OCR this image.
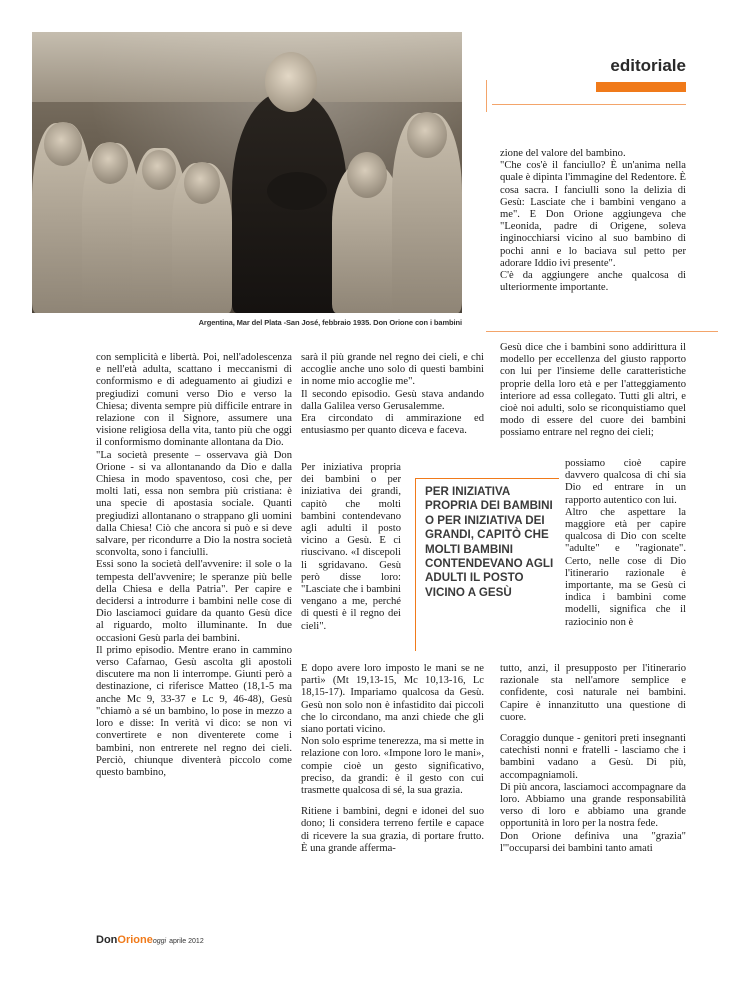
editoriale
Argentina, Mar del Plata -San José, febbraio 1935. Don Orione con i bambini

con semplicità e libertà. Poi, nell'adolescenza e nell'età adulta, scattano i meccanismi di conformismo e di adeguamento ai giudizi e pregiudizi comuni verso Dio e verso la Chiesa; diventa sempre più difficile entrare in relazione con il Signore, assumere una visione religiosa della vita, tanto più che oggi il conformismo dominante allontana da Dio.

"La società presente – osservava già Don Orione - si va allontanando da Dio e dalla Chiesa in modo spaventoso, così che, per molti lati, essa non sembra più cristiana: è una specie di apostasia sociale. Quanti pregiudizi allontanano o strappano gli uomini dalla Chiesa! Ciò che ancora si può e si deve salvare, per ricondurre a Dio la nostra società sconvolta, sono i fanciulli.

Essi sono la società dell'avvenire: il sole o la tempesta dell'avvenire; le speranze più belle della Chiesa e della Patria". Per capire e decidersi a introdurre i bambini nelle cose di Dio lasciamoci guidare da quanto Gesù dice al riguardo, molto illuminante. In due occasioni Gesù parla dei bambini.

Il primo episodio. Mentre erano in cammino verso Cafarnao, Gesù ascolta gli apostoli discutere ma non li interrompe. Giunti però a destinazione, ci riferisce Matteo (18,1-5 ma anche Mc 9, 33-37 e Lc 9, 46-48), Gesù "chiamò a sé un bambino, lo pose in mezzo a loro e disse: In verità vi dico: se non vi convertirete e non diventerete come i bambini, non entrerete nel regno dei cieli. Perciò, chiunque diventerà piccolo come questo bambino,

sarà il più grande nel regno dei cieli, e chi accoglie anche uno solo di questi bambini in nome mio accoglie me".

Il secondo episodio. Gesù stava andando dalla Galilea verso Gerusalemme.

Era circondato di ammirazione ed entusiasmo per quanto diceva e faceva.

Per iniziativa propria dei bambini o per iniziativa dei grandi, capitò che molti bambini contendevano agli adulti il posto vicino a Gesù. E ci riuscivano. «I discepoli li sgridavano. Gesù però disse loro: "Lasciate che i bambini vengano a me, perché di questi è il regno dei cieli".

E dopo avere loro imposto le mani se ne partì» (Mt 19,13-15, Mc 10,13-16, Lc 18,15-17). Impariamo qualcosa da Gesù. Gesù non solo non è infastidito dai piccoli che lo circondano, ma anzi chiede che gli siano portati vicino.

Non solo esprime tenerezza, ma si mette in relazione con loro. «Impone loro le mani», compie cioè un gesto significativo, preciso, da grandi: è il gesto con cui trasmette qualcosa di sé, la sua grazia.

Ritiene i bambini, degni e idonei del suo dono; li considera terreno fertile e capace di ricevere la sua grazia, di portare frutto. È una grande afferma-

PER INIZIATIVA PROPRIA DEI BAMBINI O PER INIZIATIVA DEI GRANDI, CAPITÒ CHE MOLTI BAMBINI CONTENDEVANO AGLI ADULTI IL POSTO VICINO A GESÙ

zione del valore del bambino.

"Che cos'è il fanciullo? È un'anima nella quale è dipinta l'immagine del Redentore. È cosa sacra. I fanciulli sono la delizia di Gesù: Lasciate che i bambini vengano a me". E Don Orione aggiungeva che "Leonida, padre di Origene, soleva inginocchiarsi vicino al suo bambino di pochi anni e lo baciava sul petto per adorare Iddio ivi presente".

C'è da aggiungere anche qualcosa di ulteriormente importante.

Gesù dice che i bambini sono addirittura il modello per eccellenza del giusto rapporto con lui per l'insieme delle caratteristiche proprie della loro età e per l'atteggiamento interiore ad essa collegato. Tutti gli altri, e cioè noi adulti, solo se riconquistiamo quel modo di essere del cuore dei bambini possiamo entrare nel regno dei cieli;

possiamo cioè capire davvero qualcosa di chi sia Dio ed entrare in un rapporto autentico con lui.

Altro che aspettare la maggiore età per capire qualcosa di Dio con scelte "adulte" e "ragionate". Certo, nelle cose di Dio l'itinerario razionale è importante, ma se Gesù ci indica i bambini come modelli, significa che il raziocinio non è

tutto, anzi, il presupposto per l'itinerario razionale sta nell'amore semplice e confidente, così naturale nei bambini. Capire è innanzitutto una questione di cuore.

Coraggio dunque - genitori preti insegnanti catechisti nonni e fratelli - lasciamo che i bambini vadano a Gesù. Di più, accompagniamoli.

Di più ancora, lasciamoci accompagnare da loro. Abbiamo una grande responsabilità verso di loro e abbiamo una grande opportunità in loro per la nostra fede.

Don Orione definiva una "grazia" l'"occuparsi dei bambini tanto amati

DonOrioneoggi aprile 2012
